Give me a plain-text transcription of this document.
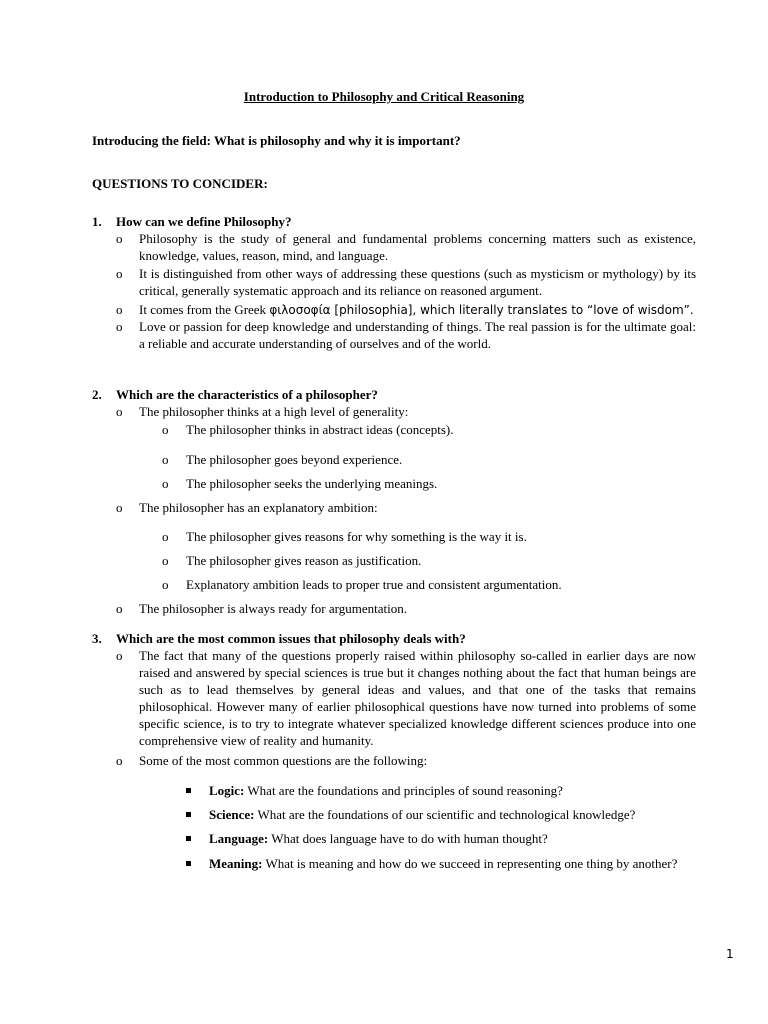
Introduction to Philosophy and Critical Reasoning
Introducing the field: What is philosophy and why it is important?
QUESTIONS TO CONCIDER:
1. How can we define Philosophy?
o Philosophy is the study of general and fundamental problems concerning matters such as existence, knowledge, values, reason, mind, and language.
o It is distinguished from other ways of addressing these questions (such as mysticism or mythology) by its critical, generally systematic approach and its reliance on reasoned argument.
o It comes from the Greek φιλοσοφία [philosophia], which literally translates to “love of wisdom”.
o Love or passion for deep knowledge and understanding of things. The real passion is for the ultimate goal: a reliable and accurate understanding of ourselves and of the world.
2. Which are the characteristics of a philosopher?
o The philosopher thinks at a high level of generality:
o The philosopher thinks in abstract ideas (concepts).
o The philosopher goes beyond experience.
o The philosopher seeks the underlying meanings.
o The philosopher has an explanatory ambition:
o The philosopher gives reasons for why something is the way it is.
o The philosopher gives reason as justification.
o Explanatory ambition leads to proper true and consistent argumentation.
o The philosopher is always ready for argumentation.
3. Which are the most common issues that philosophy deals with?
o The fact that many of the questions properly raised within philosophy so-called in earlier days are now raised and answered by special sciences is true but it changes nothing about the fact that human beings are such as to lead themselves by general ideas and values, and that one of the tasks that remains philosophical. However many of earlier philosophical questions have now turned into problems of some specific science, is to try to integrate whatever specialized knowledge different sciences produce into one comprehensive view of reality and humanity.
o Some of the most common questions are the following:
Logic: What are the foundations and principles of sound reasoning?
Science: What are the foundations of our scientific and technological knowledge?
Language: What does language have to do with human thought?
Meaning: What is meaning and how do we succeed in representing one thing by another?
1
